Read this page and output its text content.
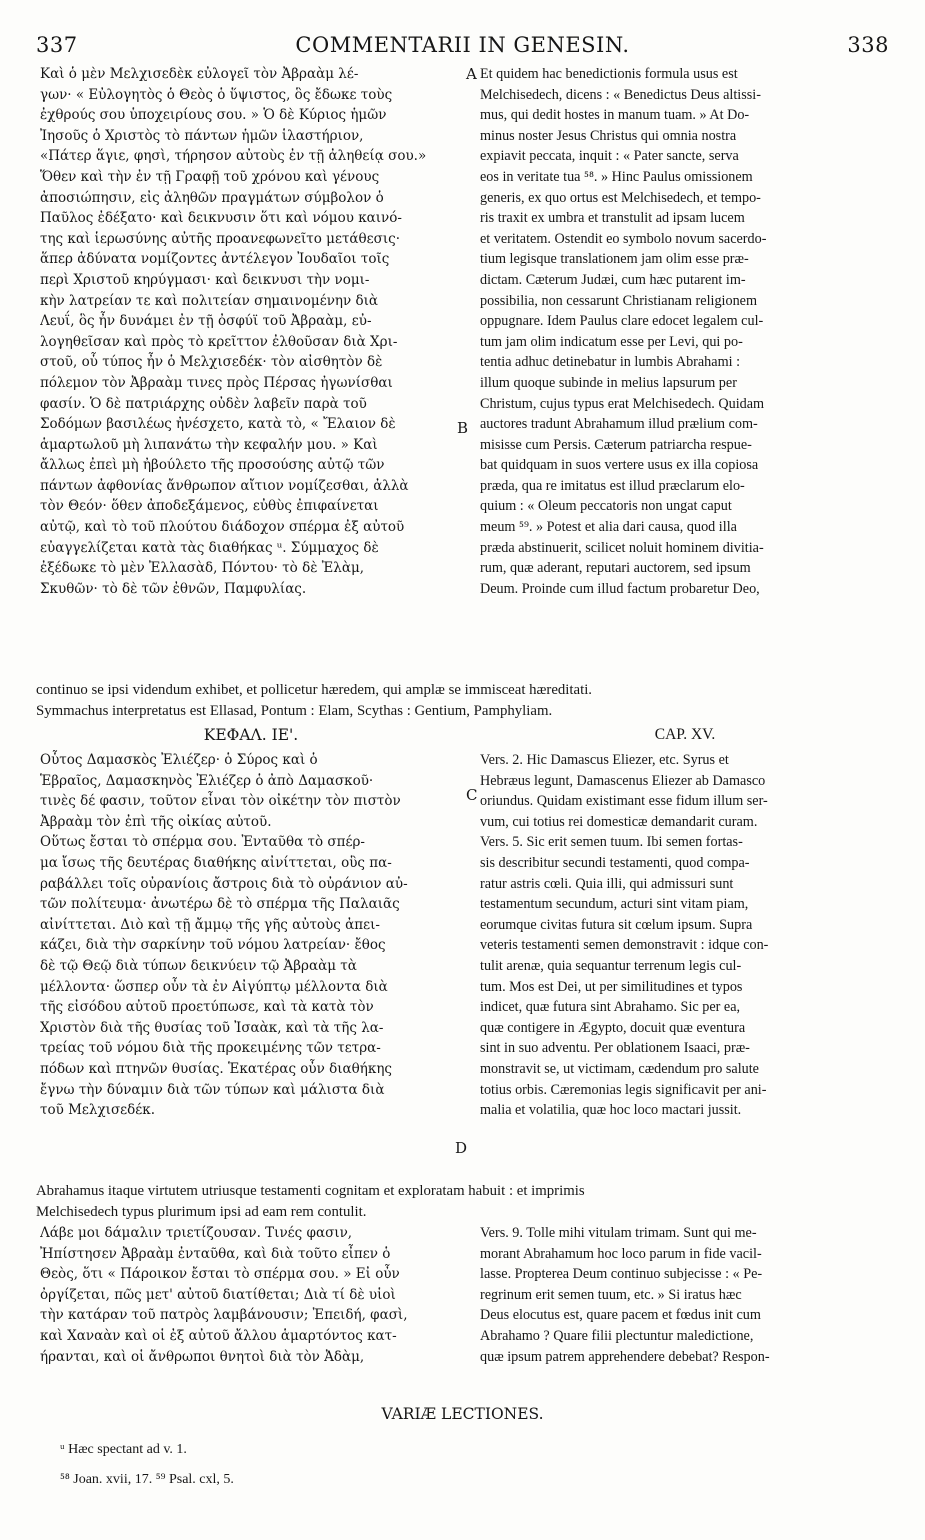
337	COMMENTARII IN GENESIN.	338
A
B
C
D
Καὶ ὁ μὲν Μελχισεδὲκ εὐλογεῖ τὸν Ἀβραὰμ λέ-
γων· « Εὐλογητὸς ὁ Θεὸς ὁ ὕψιστος, ὃς ἔδωκε τοὺς
ἐχθρούς σου ὑποχειρίους σου. » Ὁ δὲ Κύριος ἡμῶν
Ἰησοῦς ὁ Χριστὸς τὸ πάντων ἡμῶν ἱλαστήριον,
«Πάτερ ἅγιε, φησὶ, τήρησον αὐτοὺς ἐν τῇ ἀληθείᾳ σου.»
Ὅθεν καὶ τὴν ἐν τῇ Γραφῇ τοῦ χρόνου καὶ γένους
ἀποσιώπησιν, εἰς ἀληθῶν πραγμάτων σύμβολον ὁ
Παῦλος ἐδέξατο· καὶ δεικνυσιν ὅτι καὶ νόμου καινό-
της καὶ ἱερωσύνης αὐτῆς προανεφωνεῖτο μετάθεσις·
ἅπερ ἀδύνατα νομίζοντες ἀντέλεγον Ἰουδαῖοι τοῖς
περὶ Χριστοῦ κηρύγμασι· καὶ δεικνυσι τὴν νομι-
κὴν λατρείαν τε καὶ πολιτείαν σημαινομένην διὰ
Λευΐ, ὃς ἦν δυνάμει ἐν τῇ ὀσφύϊ τοῦ Ἀβραὰμ, εὐ-
λογηθεῖσαν καὶ πρὸς τὸ κρεῖττον ἐλθοῦσαν διὰ Χρι-
στοῦ, οὗ τύπος ἦν ὁ Μελχισεδέκ· τὸν αἰσθητὸν δὲ
πόλεμον τὸν Ἀβραὰμ τινες πρὸς Πέρσας ἠγωνίσθαι
φασίν. Ὁ δὲ πατριάρχης οὐδὲν λαβεῖν παρὰ τοῦ
Σοδόμων βασιλέως ἠνέσχετο, κατὰ τὸ, « Ἔλαιον δὲ
ἁμαρτωλοῦ μὴ λιπανάτω τὴν κεφαλήν μου. » Καὶ
ἄλλως ἐπεὶ μὴ ἠβούλετο τῆς προσούσης αὐτῷ τῶν
πάντων ἀφθονίας ἄνθρωπον αἴτιον νομίζεσθαι, ἀλλὰ
τὸν Θεόν· ὅθεν ἀποδεξάμενος, εὐθὺς ἐπιφαίνεται
αὐτῷ, καὶ τὸ τοῦ πλούτου διάδοχον σπέρμα ἐξ αὐτοῦ
εὐαγγελίζεται κατὰ τὰς διαθήκας ᵘ. Σύμμαχος δὲ
ἐξέδωκε τὸ μὲν Ἐλλασὰδ, Πόντου· τὸ δὲ Ἐλὰμ,
Σκυθῶν· τὸ δὲ τῶν ἐθνῶν, Παμφυλίας.
Et quidem hac benedictionis formula usus est
Melchisedech, dicens : « Benedictus Deus altissi-
mus, qui dedit hostes in manum tuam. » At Do-
minus noster Jesus Christus qui omnia nostra
expiavit peccata, inquit : « Pater sancte, serva
eos in veritate tua ⁵⁸. » Hinc Paulus omissionem
generis, ex quo ortus est Melchisedech, et tempo-
ris traxit ex umbra et transtulit ad ipsam lucem
et veritatem. Ostendit eo symbolo novum sacerdo-
tium legisque translationem jam olim esse præ-
dictam. Cæterum Judæi, cum hæc putarent im-
possibilia, non cessarunt Christianam religionem
oppugnare. Idem Paulus clare edocet legalem cul-
tum jam olim indicatum esse per Levi, qui po-
tentia adhuc detinebatur in lumbis Abrahami :
illum quoque subinde in melius lapsurum per
Christum, cujus typus erat Melchisedech. Quidam
auctores tradunt Abrahamum illud prælium com-
misisse cum Persis. Cæterum patriarcha respue-
bat quidquam in suos vertere usus ex illa copiosa
præda, qua re imitatus est illud præclarum elo-
quium : « Oleum peccatoris non ungat caput
meum ⁵⁹. » Potest et alia dari causa, quod illa
præda abstinuerit, scilicet noluit hominem divitia-
rum, quæ aderant, reputari auctorem, sed ipsum
Deum. Proinde cum illud factum probaretur Deo,
continuo se ipsi videndum exhibet, et pollicetur hæredem, qui amplæ se immisceat hæreditati.
Symmachus interpretatus est Ellasad, Pontum : Elam, Scythas : Gentium, Pamphyliam.
ΚΕΦΑΛ. ΙΕ'.	CAP. XV.
Οὗτος Δαμασκὸς Ἐλιέζερ· ὁ Σύρος καὶ ὁ
Ἑβραῖος, Δαμασκηνὸς Ἐλιέζερ ὁ ἀπὸ Δαμασκοῦ·
τινὲς δέ φασιν, τοῦτον εἶναι τὸν οἰκέτην τὸν πιστὸν
Ἀβραὰμ τὸν ἐπὶ τῆς οἰκίας αὐτοῦ.
Οὕτως ἔσται τὸ σπέρμα σου. Ἐνταῦθα τὸ σπέρ-
μα ἴσως τῆς δευτέρας διαθήκης αἰνίττεται, οὓς πα-
ραβάλλει τοῖς οὐρανίοις ἄστροις διὰ τὸ οὐράνιον αὐ-
τῶν πολίτευμα· ἀνωτέρω δὲ τὸ σπέρμα τῆς Παλαιᾶς
αἰνίττεται. Διὸ καὶ τῇ ἄμμῳ τῆς γῆς αὐτοὺς ἀπει-
κάζει, διὰ τὴν σαρκίνην τοῦ νόμου λατρείαν· ἔθος
δὲ τῷ Θεῷ διὰ τύπων δεικνύειν τῷ Ἀβραὰμ τὰ
μέλλοντα· ὥσπερ οὖν τὰ ἐν Αἰγύπτῳ μέλλοντα διὰ
τῆς εἰσόδου αὐτοῦ προετύπωσε, καὶ τὰ κατὰ τὸν
Χριστὸν διὰ τῆς θυσίας τοῦ Ἰσαὰκ, καὶ τὰ τῆς λα-
τρείας τοῦ νόμου διὰ τῆς προκειμένης τῶν τετρα-
πόδων καὶ πτηνῶν θυσίας. Ἑκατέρας οὖν διαθήκης
ἔγνω τὴν δύναμιν διὰ τῶν τύπων καὶ μάλιστα διὰ
τοῦ Μελχισεδέκ.
Vers. 2. Hic Damascus Eliezer, etc. Syrus et
Hebræus legunt, Damascenus Eliezer ab Damasco
oriundus. Quidam existimant esse fidum illum ser-
vum, cui totius rei domesticæ demandarit curam.
Vers. 5. Sic erit semen tuum. Ibi semen fortas-
sis describitur secundi testamenti, quod compa-
ratur astris cœli. Quia illi, qui admissuri sunt
testamentum secundum, acturi sint vitam piam,
eorumque civitas futura sit cœlum ipsum. Supra
veteris testamenti semen demonstravit : idque con-
tulit arenæ, quia sequantur terrenum legis cul-
tum. Mos est Dei, ut per similitudines et typos
indicet, quæ futura sint Abrahamo. Sic per ea,
quæ contigere in Ægypto, docuit quæ eventura
sint in suo adventu. Per oblationem Isaaci, præ-
monstravit se, ut victimam, cædendum pro salute
totius orbis. Cæremonias legis significavit per ani-
malia et volatilia, quæ hoc loco mactari jussit.
Abrahamus itaque virtutem utriusque testamenti cognitam et exploratam habuit : et imprimis
Melchisedech typus plurimum ipsi ad eam rem contulit.
Λάβε μοι δάμαλιν τριετίζουσαν. Τινές φασιν,
Ἠπίστησεν Ἀβραὰμ ἐνταῦθα, καὶ διὰ τοῦτο εἶπεν ὁ
Θεὸς, ὅτι « Πάροικον ἔσται τὸ σπέρμα σου. » Εἰ οὖν
ὀργίζεται, πῶς μετ' αὐτοῦ διατίθεται; Διὰ τί δὲ υἱοὶ
τὴν κατάραν τοῦ πατρὸς λαμβάνουσιν; Ἐπειδή, φασὶ,
καὶ Χαναὰν καὶ οἱ ἐξ αὐτοῦ ἄλλου ἁμαρτόντος κατ-
ήρανται, καὶ οἱ ἄνθρωποι θνητοὶ διὰ τὸν Ἀδὰμ,
Vers. 9. Tolle mihi vitulam trimam. Sunt qui me-
morant Abrahamum hoc loco parum in fide vacil-
lasse. Propterea Deum continuo subjecisse : « Pe-
regrinum erit semen tuum, etc. » Si iratus hæc
Deus elocutus est, quare pacem et fœdus init cum
Abrahamo ? Quare filii plectuntur maledictione,
quæ ipsum patrem apprehendere debebat? Respon-
VARIÆ LECTIONES.
ᵘ Hæc spectant ad v. 1.
⁵⁸ Joan. xvii, 17. ⁵⁹ Psal. cxl, 5.
